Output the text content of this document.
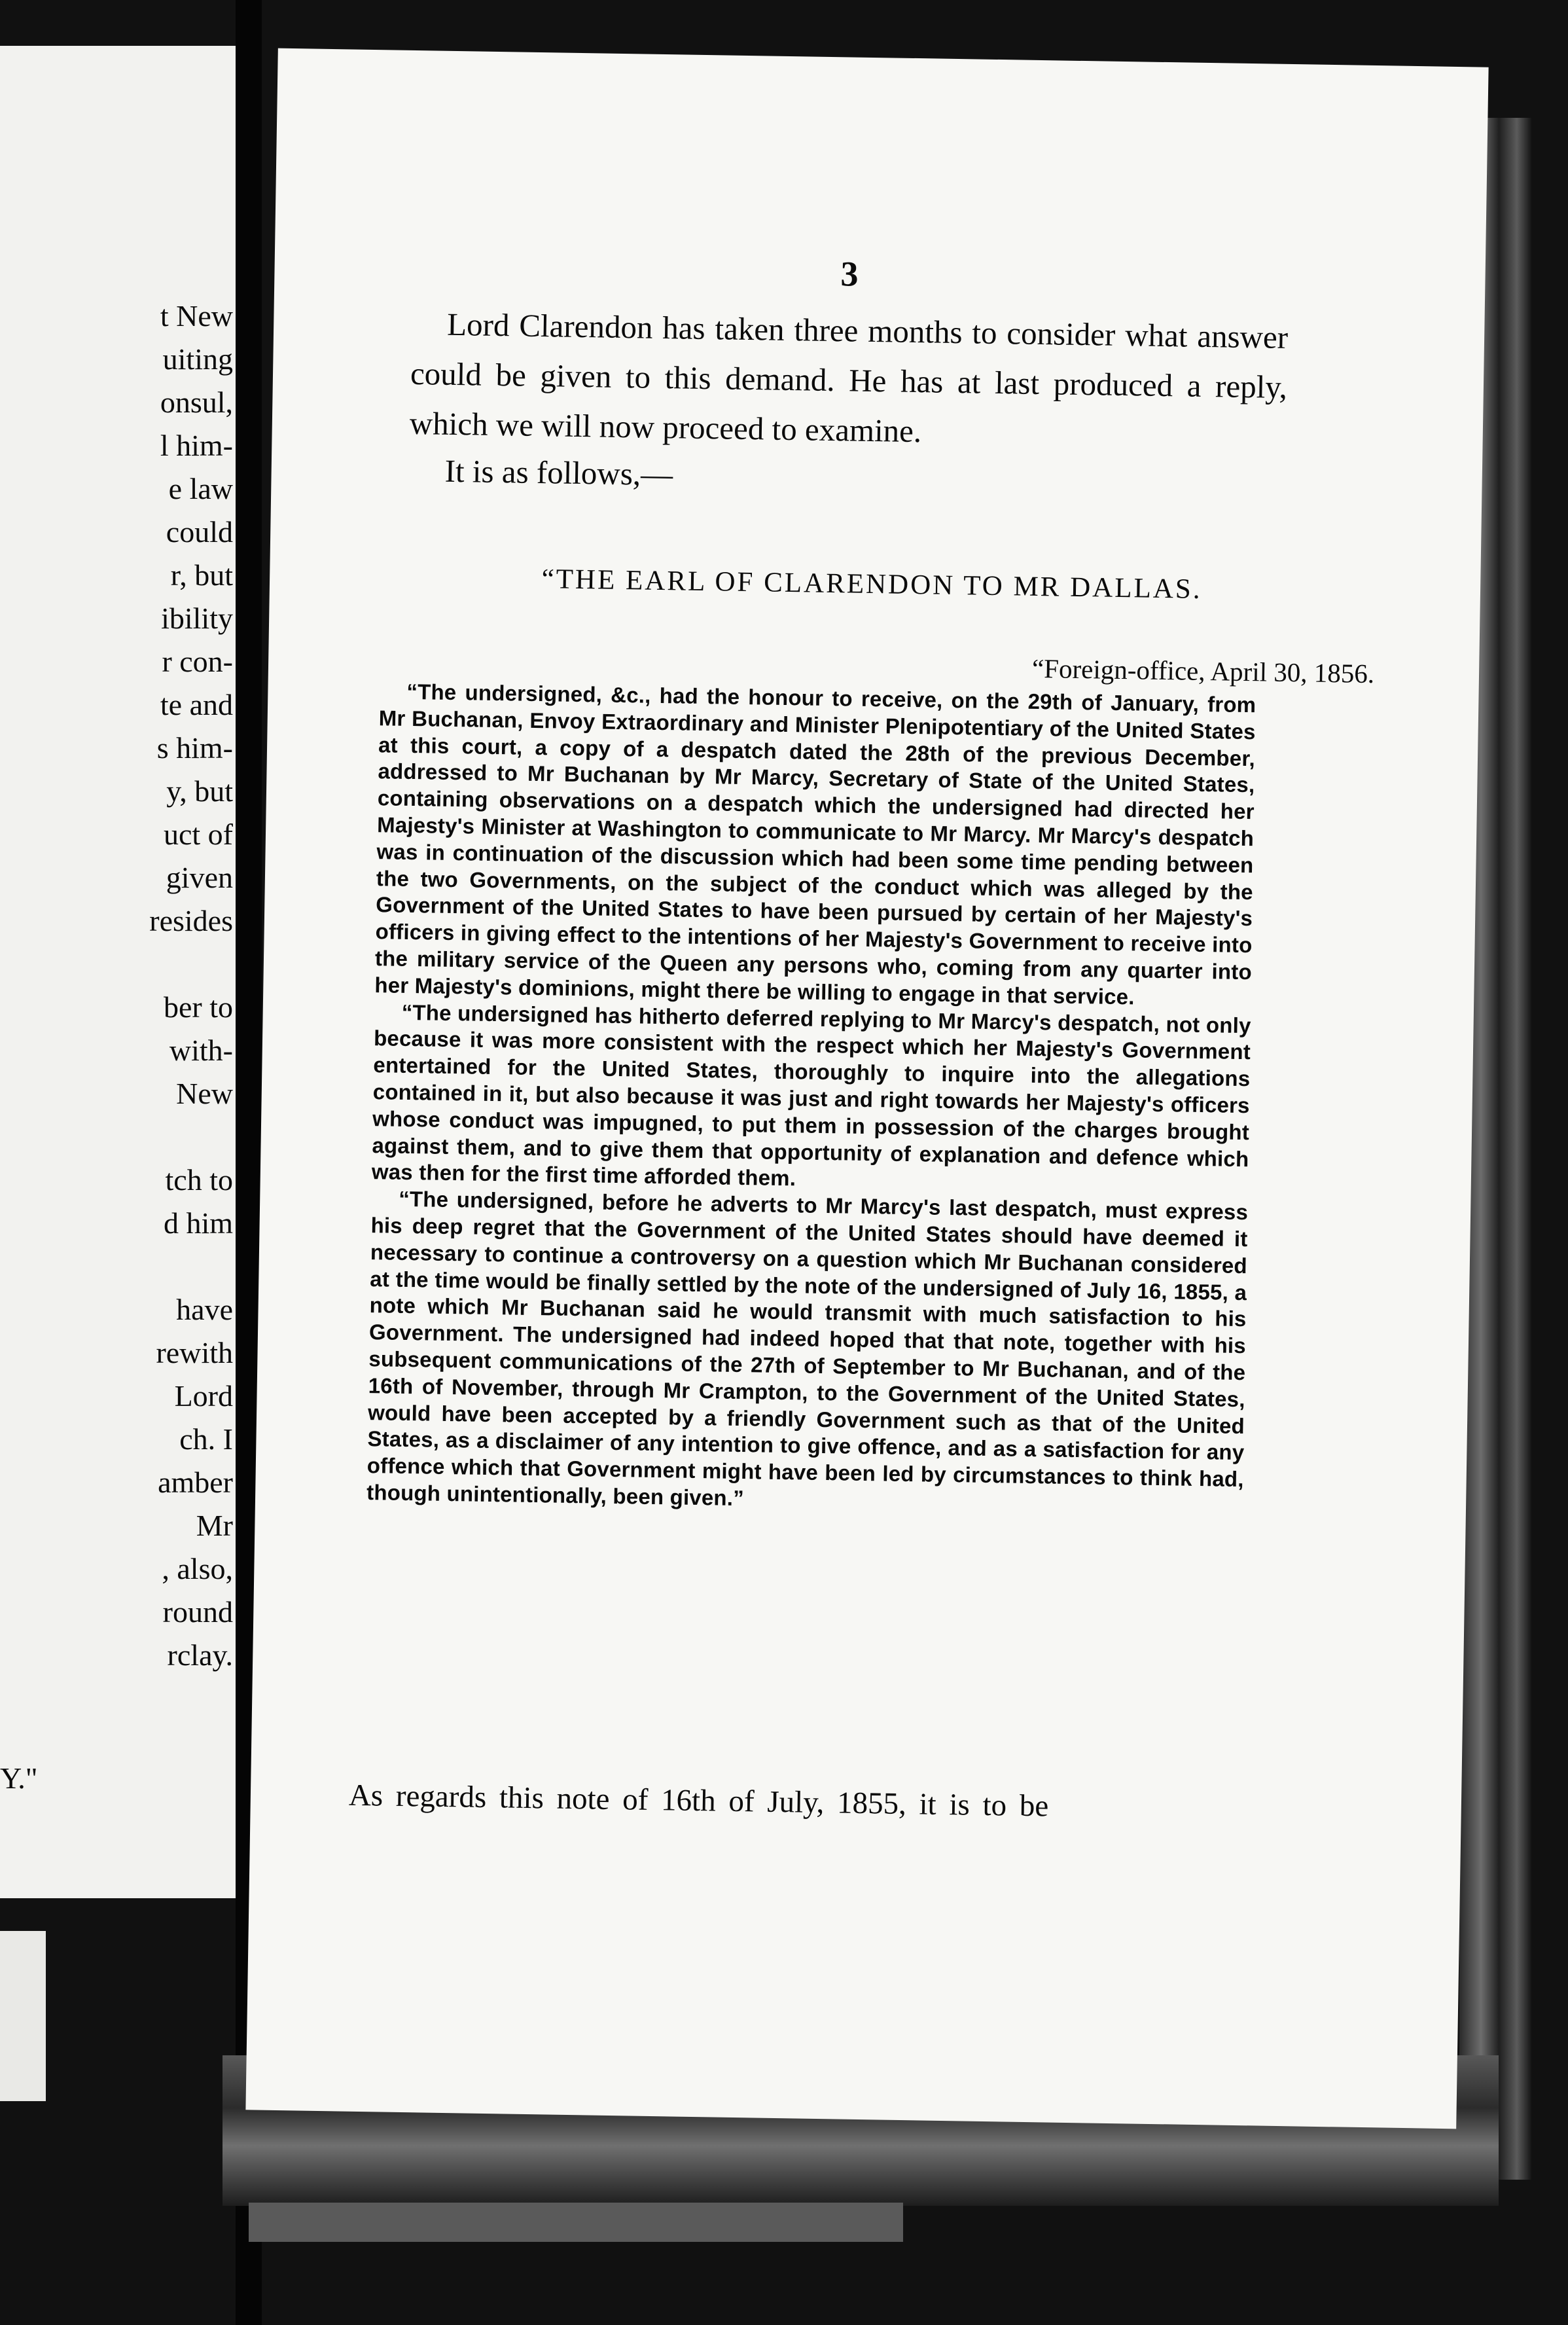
t New
uiting
onsul,
l him-
e law
could
r, but
ibility
r con-
te and
s him-
y, but
uct of
given
resides
ber to
with-
New
tch to
d him
have
rewith
Lord
ch. I
amber
Mr
, also,
round
rclay.
Y."
3
Lord Clarendon has taken three months to consider what answer could be given to this demand. He has at last produced a reply, which we will now proceed to examine.
It is as follows,—
“THE EARL OF CLARENDON TO MR DALLAS.
“Foreign-office, April 30, 1856.

“The undersigned, &c., had the honour to receive, on the 29th of January, from Mr Buchanan, Envoy Extraordinary and Minister Plenipotentiary of the United States at this court, a copy of a despatch dated the 28th of the previous December, addressed to Mr Buchanan by Mr Marcy, Secretary of State of the United States, containing observations on a despatch which the undersigned had directed her Majesty's Minister at Washington to communicate to Mr Marcy. Mr Marcy's despatch was in continuation of the discussion which had been some time pending between the two Governments, on the subject of the conduct which was alleged by the Government of the United States to have been pursued by certain of her Majesty's officers in giving effect to the intentions of her Majesty's Government to receive into the military service of the Queen any persons who, coming from any quarter into her Majesty's dominions, might there be willing to engage in that service.

“The undersigned has hitherto deferred replying to Mr Marcy's despatch, not only because it was more consistent with the respect which her Majesty's Government entertained for the United States, thoroughly to inquire into the allegations contained in it, but also because it was just and right towards her Majesty's officers whose conduct was impugned, to put them in possession of the charges brought against them, and to give them that opportunity of explanation and defence which was then for the first time afforded them.

“The undersigned, before he adverts to Mr Marcy's last despatch, must express his deep regret that the Government of the United States should have deemed it necessary to continue a controversy on a question which Mr Buchanan considered at the time would be finally settled by the note of the undersigned of July 16, 1855, a note which Mr Buchanan said he would transmit with much satisfaction to his Government. The undersigned had indeed hoped that that note, together with his subsequent communications of the 27th of September to Mr Buchanan, and of the 16th of November, through Mr Crampton, to the Government of the United States, would have been accepted by a friendly Government such as that of the United States, as a disclaimer of any intention to give offence, and as a satisfaction for any offence which that Government might have been led by circumstances to think had, though unintentionally, been given.”

As regards this note of 16th of July, 1855, it is to be
